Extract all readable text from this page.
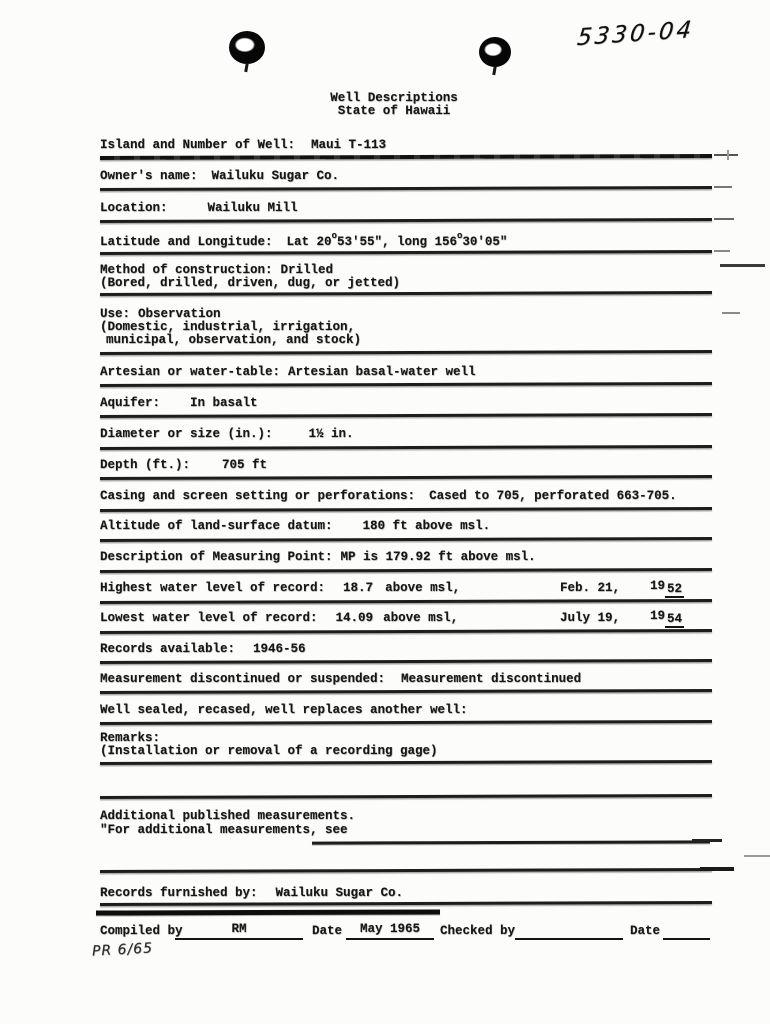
5330-04
Well Descriptions
State of Hawaii
Island and Number of Well: Maui T-113
Owner's name: Wailuku Sugar Co.
Location:	Wailuku Mill
Latitude and Longitude: Lat 20$^o$53'55", long 156$^o$30'05"
Method of construction: Drilled
(Bored, drilled, driven, dug, or jetted)
Use: Observation
(Domestic, industrial, irrigation,
municipal, observation, and stock)
Artesian or water-table: Artesian basal-water well
Aquifer: In basalt
Diameter or size (in.):	1½ in.
Depth (ft.):	705 ft
Casing and screen setting or perforations: Cased to 705, perforated 663-705.
Altitude of land-surface datum: 180 ft above msl.
Description of Measuring Point: MP is 179.92 ft above msl.
Highest water level of record: 18.7 above msl,	Feb. 21, 19 52
Lowest water level of record: 14.09 above msl,	July 19, 19 54
Records available: 1946-56
Measurement discontinued or suspended: Measurement discontinued
Well sealed, recased, well replaces another well:
Remarks:
(Installation or removal of a recording gage)
Additional published measurements.
"For additional measurements, see
Records furnished by: Wailuku Sugar Co.
Compiled by	RM	Date	May 1965	Checked by	Date
PR 6/65
